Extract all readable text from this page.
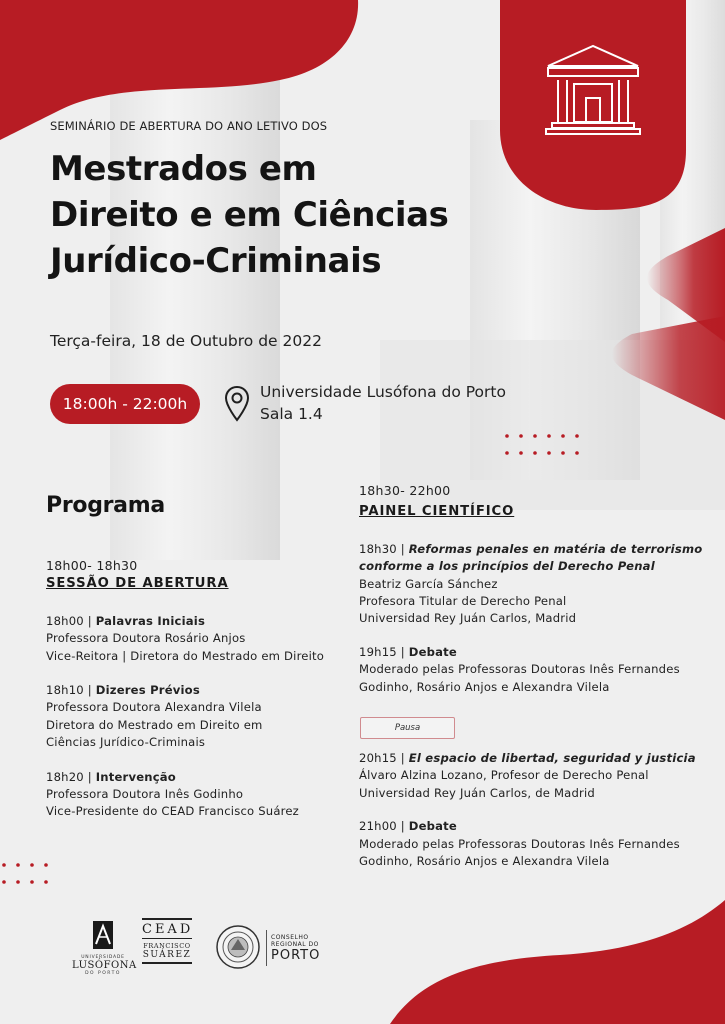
SEMINÁRIO DE ABERTURA DO ANO LETIVO DOS
Mestrados em
Direito e em Ciências
Jurídico-Criminais
Terça-feira, 18 de Outubro de 2022
18:00h - 22:00h
Universidade Lusófona do Porto
Sala 1.4
Programa
18h00- 18h30
SESSÃO DE ABERTURA
18h00 | Palavras Iniciais
Professora Doutora Rosário Anjos
Vice-Reitora | Diretora do Mestrado em Direito
18h10 | Dizeres Prévios
Professora Doutora Alexandra Vilela
Diretora do Mestrado em Direito em
Ciências Jurídico-Criminais
18h20 | Intervenção
Professora Doutora Inês Godinho
Vice-Presidente do CEAD Francisco Suárez
18h30- 22h00
PAINEL CIENTÍFICO
18h30 | Reformas penales en matéria de terrorismo
conforme a los princípios del Derecho Penal
Beatriz García Sánchez
Profesora Titular de Derecho Penal
Universidad Rey Juán Carlos, Madrid
19h15 | Debate
Moderado pelas Professoras Doutoras Inês Fernandes
Godinho, Rosário Anjos e Alexandra Vilela
20h15 | El espacio de libertad, seguridad y justicia
Álvaro Alzina Lozano, Profesor de Derecho Penal
Universidad Rey Juán Carlos, de Madrid
21h00 | Debate
Moderado pelas Professoras Doutoras Inês Fernandes
Godinho, Rosário Anjos e Alexandra Vilela
Pausa
UNIVERSIDADE
LUSÓFONA
DO PORTO
CEAD
FRANCISCO
SUÁREZ
CONSELHO
REGIONAL DO
PORTO
